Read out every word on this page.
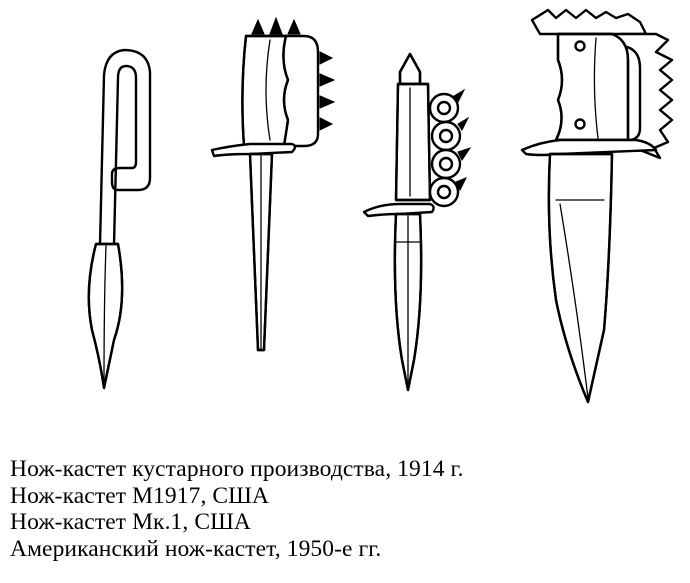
Нож-кастет кустарного производства, 1914 г.
Нож-кастет М1917, США
Нож-кастет Мк.1, США
Американский нож-кастет, 1950-е гг.
